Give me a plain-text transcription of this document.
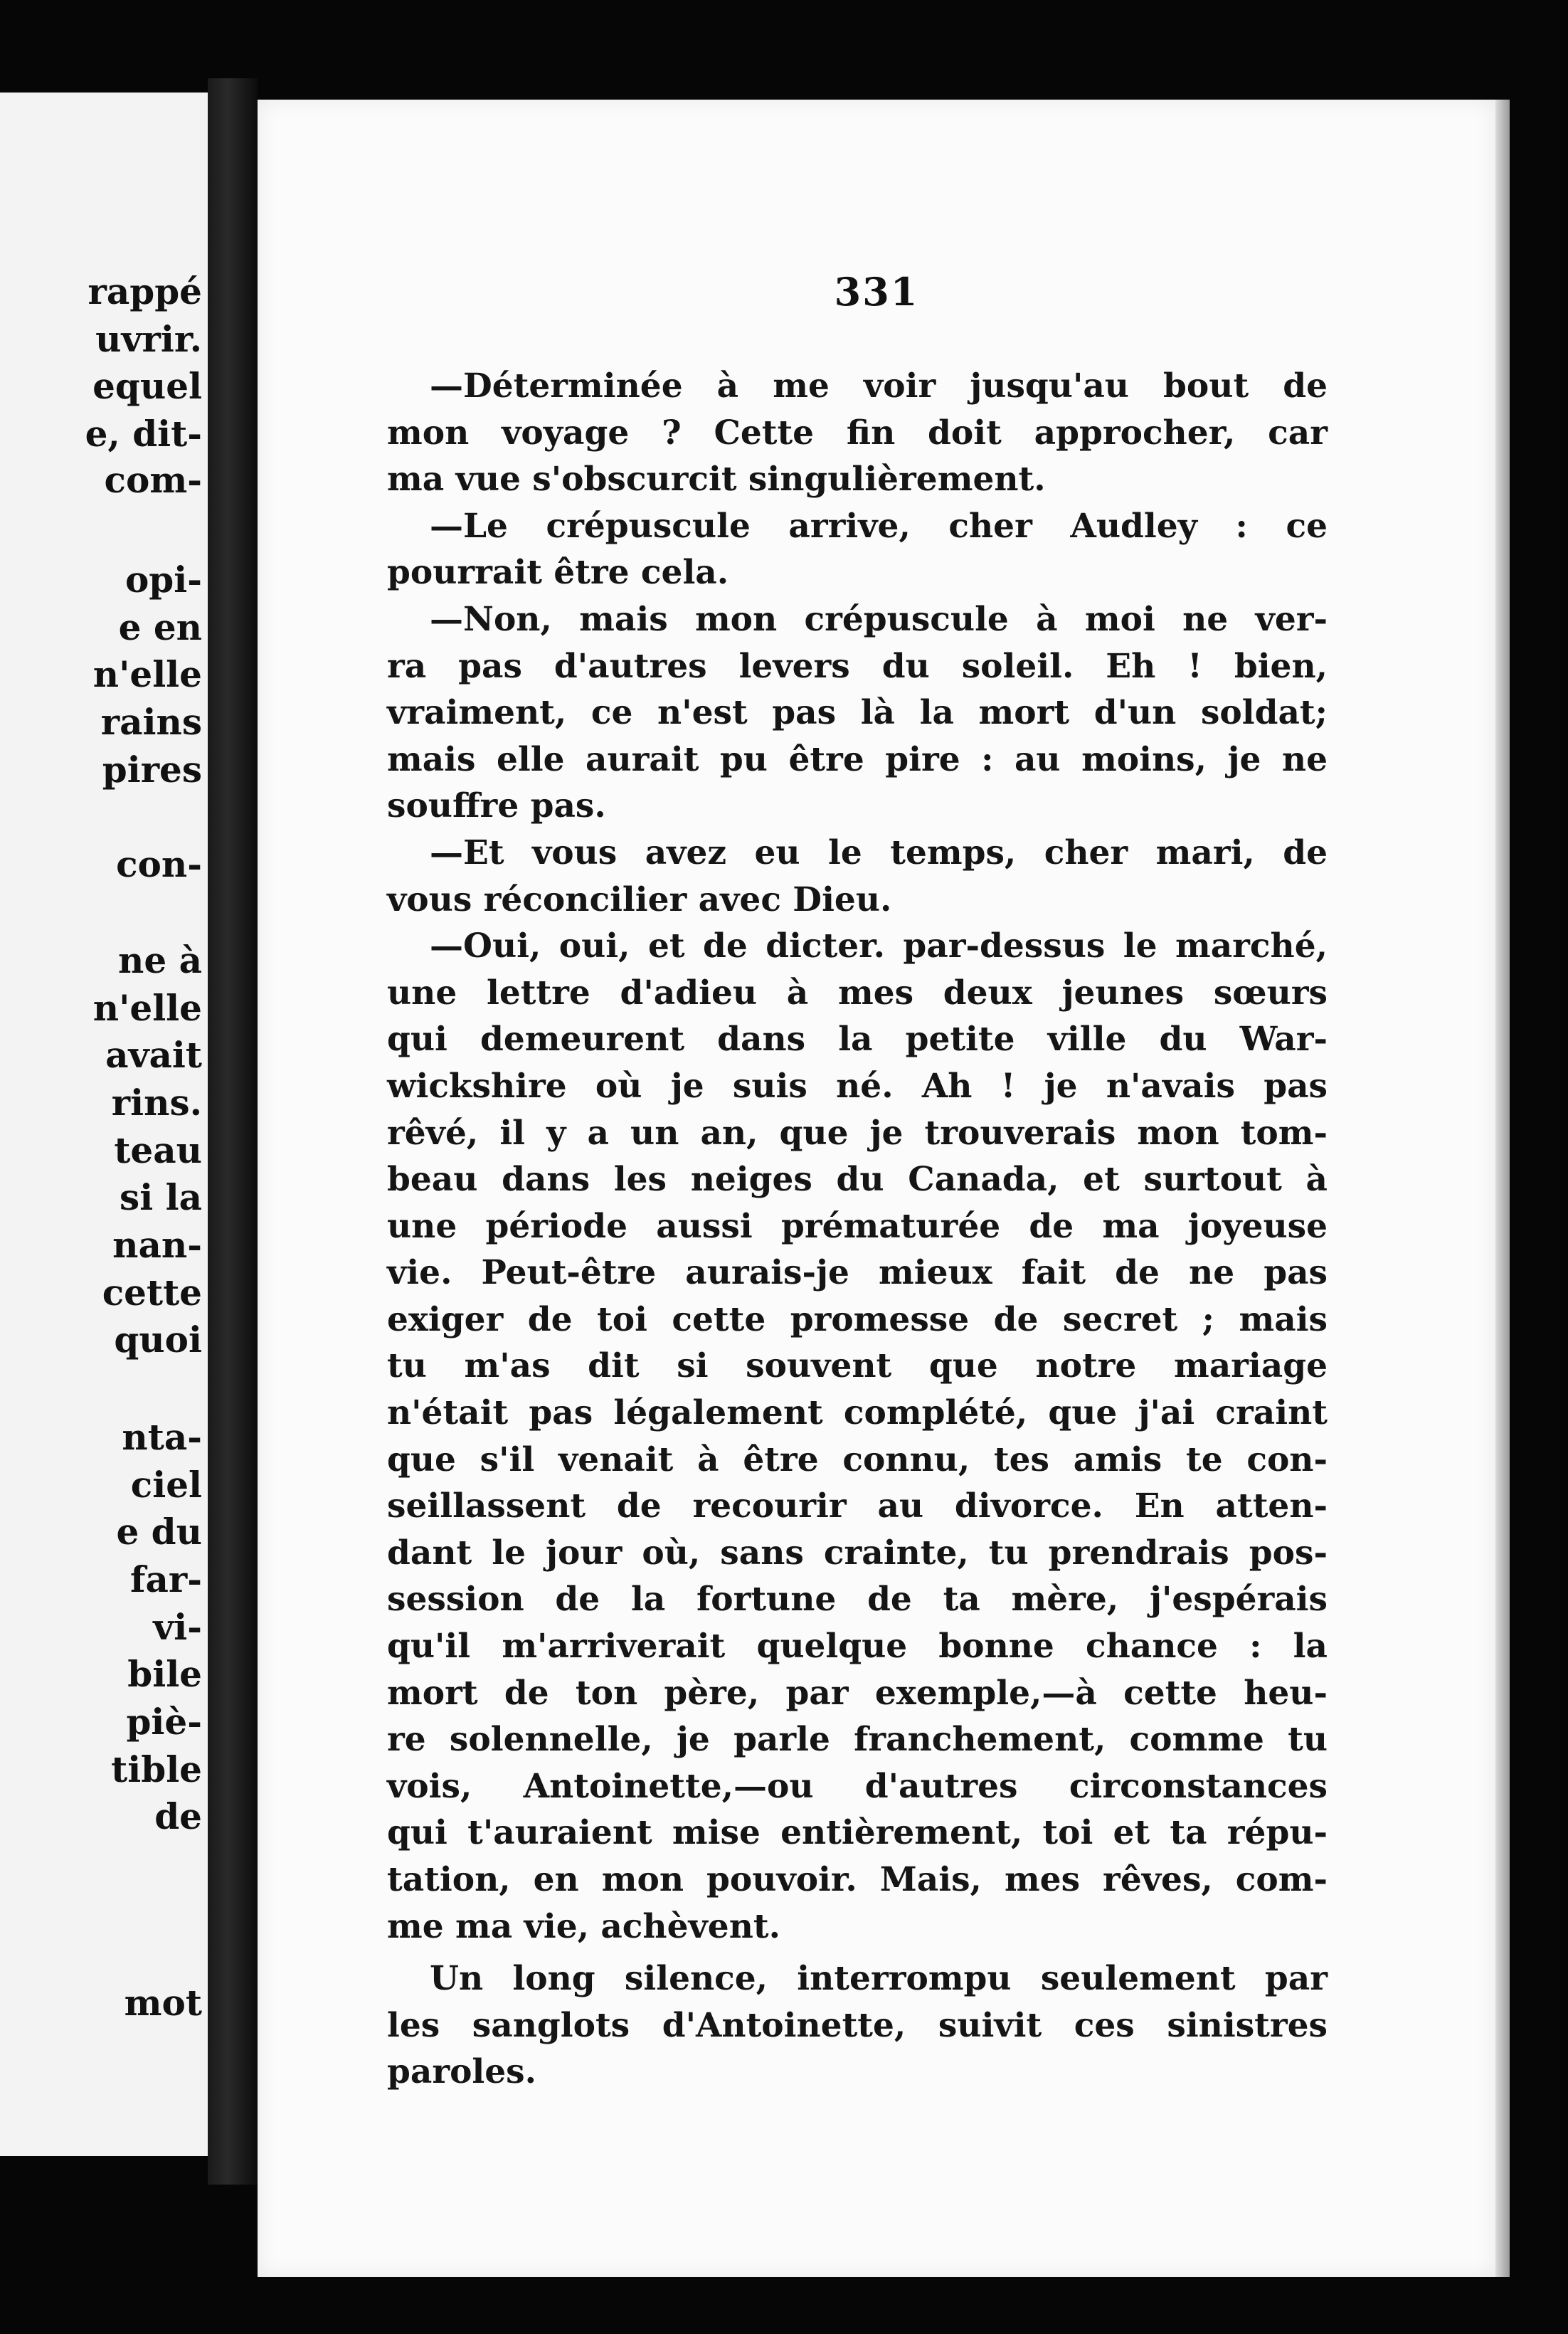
rappé
uvrir.
equel
e, dit-
com-
opi-
e en
n'elle
rains
pires
con-
ne à
n'elle
avait
rins.
teau
si la
nan-
cette
quoi
nta-
ciel
e du
far-
vi-
bile
piè-
tible
de
mot
331
—Déterminée à me voir jusqu'au bout de
mon voyage ? Cette fin doit approcher, car
ma vue s'obscurcit singulièrement.
—Le crépuscule arrive, cher Audley : ce
pourrait être cela.
—Non, mais mon crépuscule à moi ne ver-
ra pas d'autres levers du soleil. Eh ! bien,
vraiment, ce n'est pas là la mort d'un soldat;
mais elle aurait pu être pire : au moins, je ne
souffre pas.
—Et vous avez eu le temps, cher mari, de
vous réconcilier avec Dieu.
—Oui, oui, et de dicter. par-dessus le marché,
une lettre d'adieu à mes deux jeunes sœurs
qui demeurent dans la petite ville du War-
wickshire où je suis né. Ah ! je n'avais pas
rêvé, il y a un an, que je trouverais mon tom-
beau dans les neiges du Canada, et surtout à
une période aussi prématurée de ma joyeuse
vie. Peut-être aurais-je mieux fait de ne pas
exiger de toi cette promesse de secret ; mais
tu m'as dit si souvent que notre mariage
n'était pas légalement complété, que j'ai craint
que s'il venait à être connu, tes amis te con-
seillassent de recourir au divorce. En atten-
dant le jour où, sans crainte, tu prendrais pos-
session de la fortune de ta mère, j'espérais
qu'il m'arriverait quelque bonne chance : la
mort de ton père, par exemple,—à cette heu-
re solennelle, je parle franchement, comme tu
vois, Antoinette,—ou d'autres circonstances
qui t'auraient mise entièrement, toi et ta répu-
tation, en mon pouvoir. Mais, mes rêves, com-
me ma vie, achèvent.
Un long silence, interrompu seulement par
les sanglots d'Antoinette, suivit ces sinistres
paroles.
